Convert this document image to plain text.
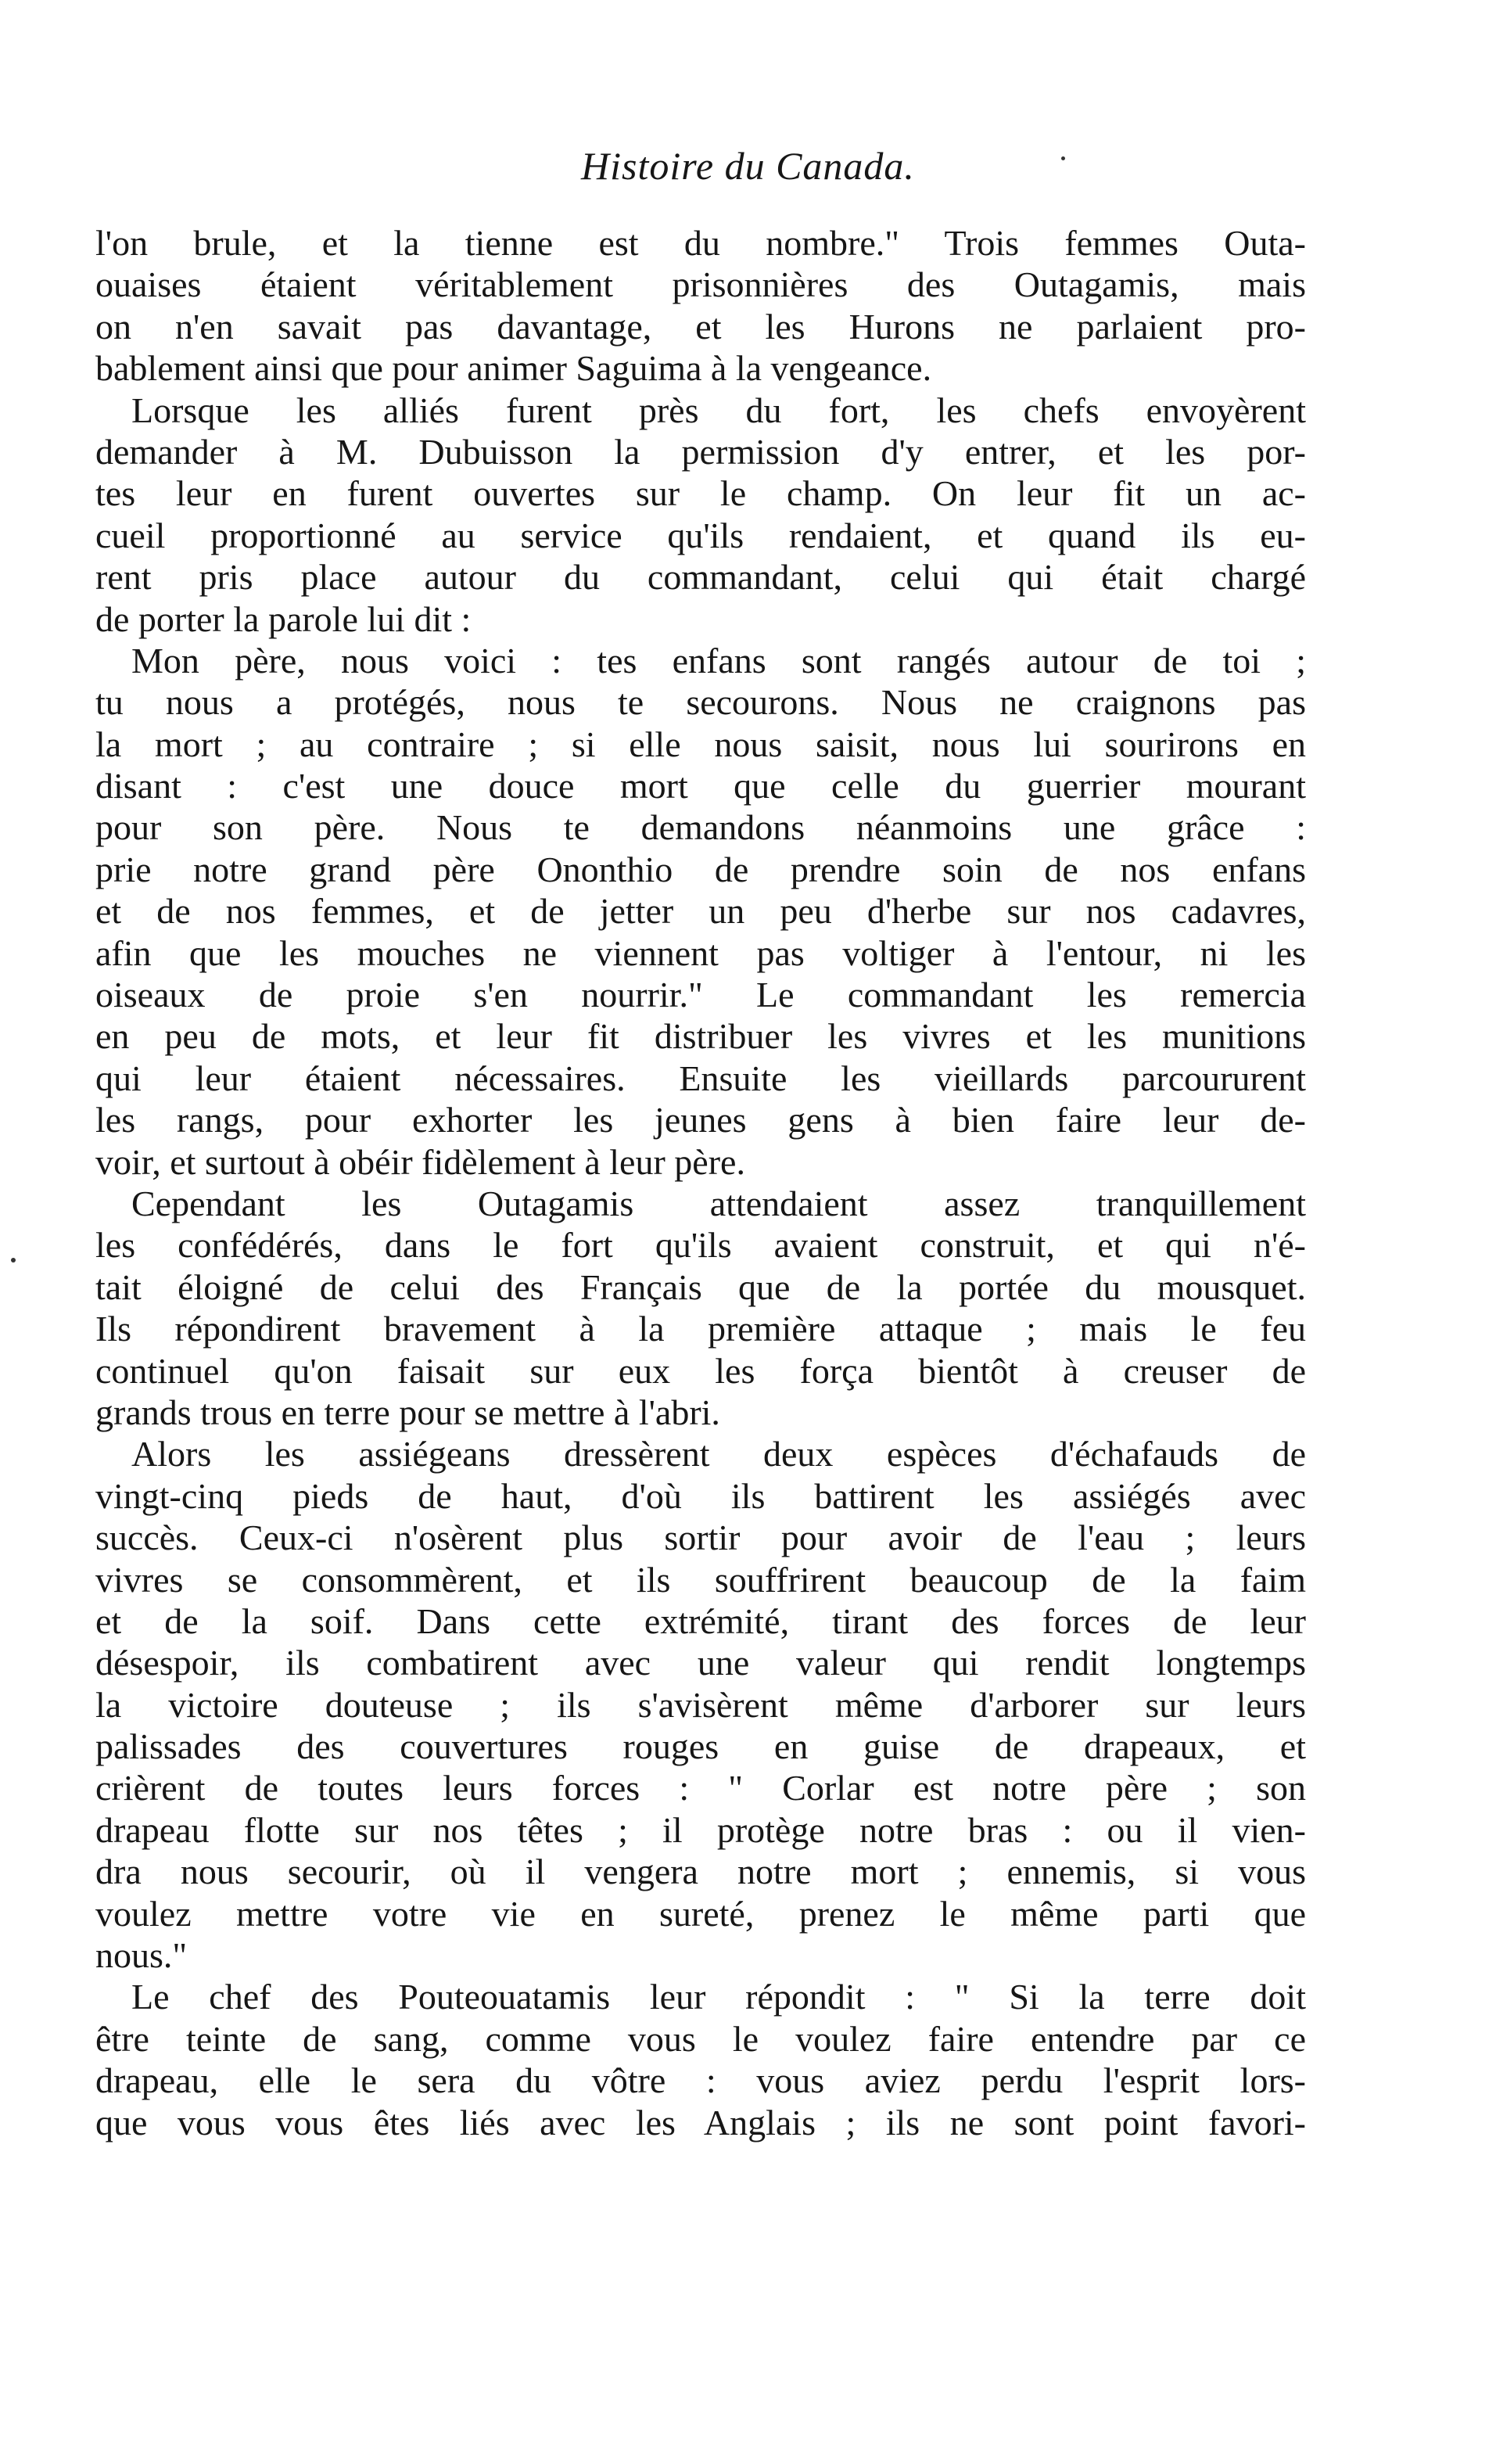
Histoire du Canada.
l'on brule, et la tienne est du nombre." Trois femmes Outa-
ouaises étaient véritablement prisonnières des Outagamis, mais
on n'en savait pas davantage, et les Hurons ne parlaient pro-
bablement ainsi que pour animer Saguima à la vengeance.
Lorsque les alliés furent près du fort, les chefs envoyèrent
demander à M. Dubuisson la permission d'y entrer, et les por-
tes leur en furent ouvertes sur le champ. On leur fit un ac-
cueil proportionné au service qu'ils rendaient, et quand ils eu-
rent pris place autour du commandant, celui qui était chargé
de porter la parole lui dit :
Mon père, nous voici : tes enfans sont rangés autour de toi ;
tu nous a protégés, nous te secourons. Nous ne craignons pas
la mort ; au contraire ; si elle nous saisit, nous lui sourirons en
disant : c'est une douce mort que celle du guerrier mourant
pour son père. Nous te demandons néanmoins une grâce :
prie notre grand père Ononthio de prendre soin de nos enfans
et de nos femmes, et de jetter un peu d'herbe sur nos cadavres,
afin que les mouches ne viennent pas voltiger à l'entour, ni les
oiseaux de proie s'en nourrir." Le commandant les remercia
en peu de mots, et leur fit distribuer les vivres et les munitions
qui leur étaient nécessaires. Ensuite les vieillards parcoururent
les rangs, pour exhorter les jeunes gens à bien faire leur de-
voir, et surtout à obéir fidèlement à leur père.
Cependant les Outagamis attendaient assez tranquillement
les confédérés, dans le fort qu'ils avaient construit, et qui n'é-
tait éloigné de celui des Français que de la portée du mousquet.
Ils répondirent bravement à la première attaque ; mais le feu
continuel qu'on faisait sur eux les força bientôt à creuser de
grands trous en terre pour se mettre à l'abri.
Alors les assiégeans dressèrent deux espèces d'échafauds de
vingt-cinq pieds de haut, d'où ils battirent les assiégés avec
succès. Ceux-ci n'osèrent plus sortir pour avoir de l'eau ; leurs
vivres se consommèrent, et ils souffrirent beaucoup de la faim
et de la soif. Dans cette extrémité, tirant des forces de leur
désespoir, ils combatirent avec une valeur qui rendit longtemps
la victoire douteuse ; ils s'avisèrent même d'arborer sur leurs
palissades des couvertures rouges en guise de drapeaux, et
crièrent de toutes leurs forces : " Corlar est notre père ; son
drapeau flotte sur nos têtes ; il protège notre bras : ou il vien-
dra nous secourir, où il vengera notre mort ; ennemis, si vous
voulez mettre votre vie en sureté, prenez le même parti que
nous."
Le chef des Pouteouatamis leur répondit : " Si la terre doit
être teinte de sang, comme vous le voulez faire entendre par ce
drapeau, elle le sera du vôtre : vous aviez perdu l'esprit lors-
que vous vous êtes liés avec les Anglais ; ils ne sont point favori-
